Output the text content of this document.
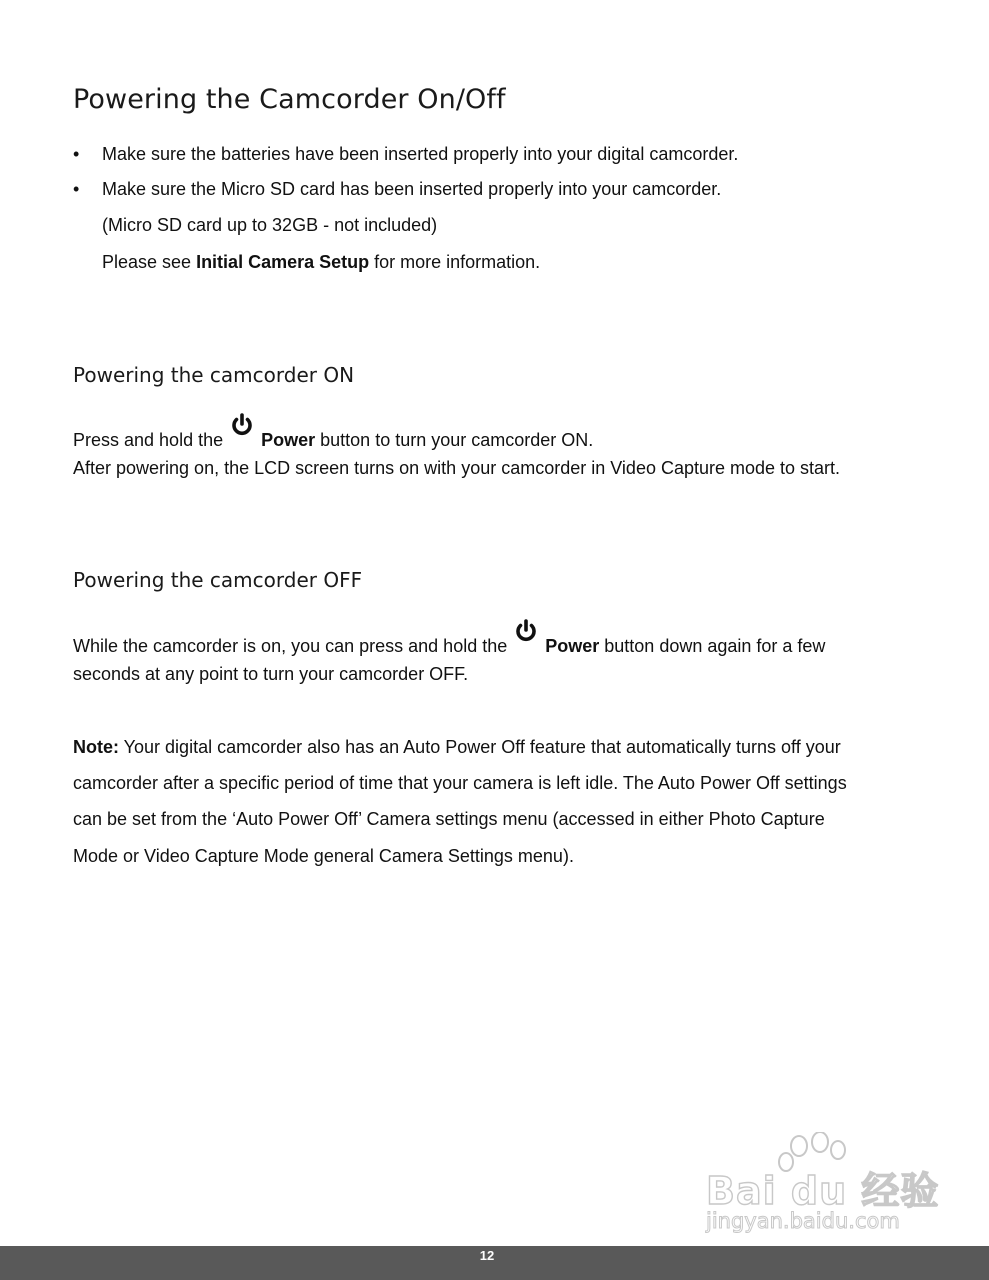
Powering the Camcorder On/Off
• Make sure the batteries have been inserted properly into your digital camcorder.
• Make sure the Micro SD card has been inserted properly into your camcorder.
(Micro SD card up to 32GB - not included)
Please see Initial Camera Setup for more information.
Powering the camcorder ON
Press and hold the Power button to turn your camcorder ON.
After powering on, the LCD screen turns on with your camcorder in Video Capture mode to start.
Powering the camcorder OFF
While the camcorder is on, you can press and hold the Power button down again for a few
seconds at any point to turn your camcorder OFF.
Note: Your digital camcorder also has an Auto Power Off feature that automatically turns off your
camcorder after a specific period of time that your camera is left idle. The Auto Power Off settings
can be set from the ‘Auto Power Off’ Camera settings menu (accessed in either Photo Capture
Mode or Video Capture Mode general Camera Settings menu).
Bai du 经验
jingyan.baidu.com
12
